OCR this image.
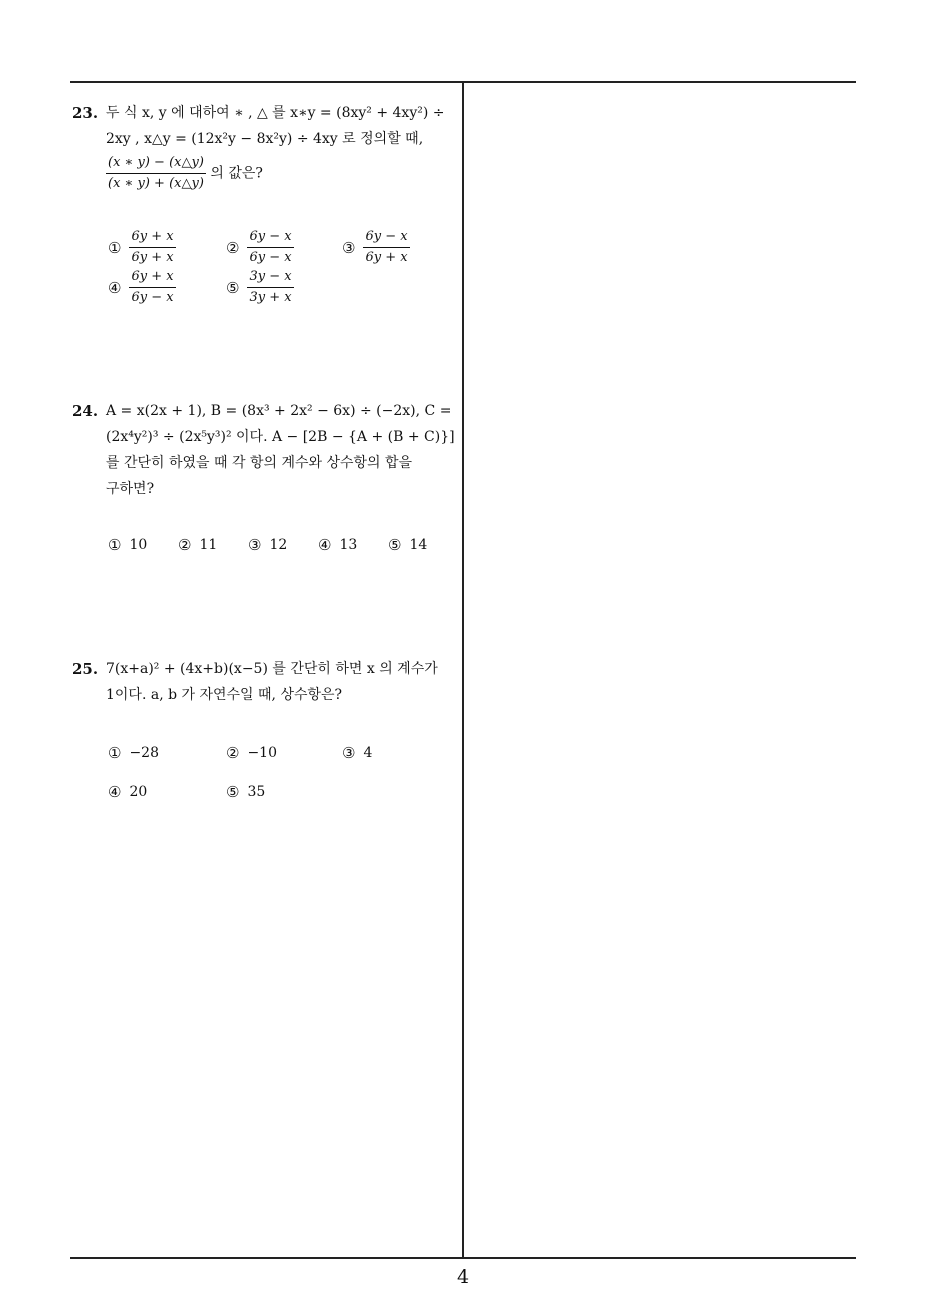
23. 두 식 x, y 에 대하여 ∗ , △ 를 x∗y = (8xy² + 4xy²) ÷
2xy , x△y = (12x²y − 8x²y) ÷ 4xy 로 정의할 때,
$\frac{(x ∗ y) - (x\triangle y)}{(x ∗ y) + (x\triangle y)}$ 의 값은?
① $\frac{6y + x}{6y + x}$	② $\frac{6y - x}{6y - x}$	③ $\frac{6y - x}{6y + x}$
④ $\frac{6y + x}{6y - x}$	⑤ $\frac{3y - x}{3y + x}$
24. A = x(2x + 1), B = (8x³ + 2x² − 6x) ÷ (−2x), C =
(2x⁴y²)³ ÷ (2x⁵y³)² 이다. A − [2B − {A + (B + C)}]
를 간단히 하였을 때 각 항의 계수와 상수항의 합을
구하면?
① 10 ② 11 ③ 12 ④ 13 ⑤ 14
25. 7(x+a)² + (4x+b)(x−5) 를 간단히 하면 x 의 계수가
1이다. a, b 가 자연수일 때, 상수항은?
① −28	② −10	③ 4
④ 20	⑤ 35
4
